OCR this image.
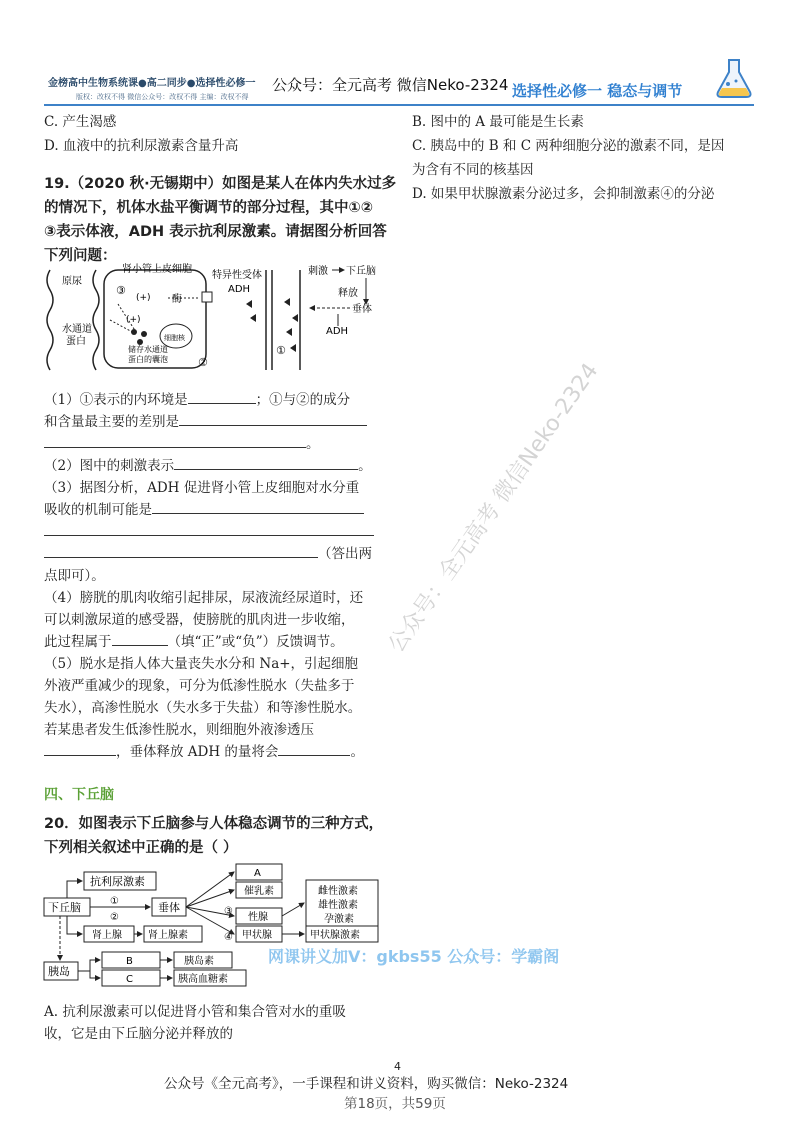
金榜高中生物系统课●高二同步●选择性必修一
版权：改权不得 微信公众号：改权不得 主编：改权不得
公众号：全元高考 微信Neko-2324 选择性必修一 稳态与调节
C. 产生渴感
D. 血液中的抗利尿激素含量升高
B. 图中的 A 最可能是生长素
C. 胰岛中的 B 和 C 两种细胞分泌的激素不同，是因
为含有不同的核基因
D. 如果甲状腺激素分泌过多，会抑制激素④的分泌
19.（2020 秋·无锡期中）如图是某人在体内失水过多
的情况下，机体水盐平衡调节的部分过程，其中①②
③表示体液，ADH 表示抗利尿激素。请据图分析回答
下列问题：
原尿
水通道
蛋白
肾小管上皮细胞
③
(+)
(+)
酶
细胞核
储存水通道
蛋白的囊泡
特异性受体
ADH
②
①
刺激 下丘脑
释放
垂体
ADH
（1）①表示的内环境是	；①与②的成分
和含量最主要的差别是
。
（2）图中的刺激表示	。
（3）据图分析，ADH 促进肾小管上皮细胞对水分重
吸收的机制可能是
（答出两
点即可）。
（4）膀胱的肌肉收缩引起排尿，尿液流经尿道时，还
可以刺激尿道的感受器，使膀胱的肌肉进一步收缩，
此过程属于	（填“正”或“负”）反馈调节。
（5）脱水是指人体大量丧失水分和 Na+，引起细胞
外液严重减少的现象，可分为低渗性脱水（失盐多于
失水），高渗性脱水（失水多于失盐）和等渗性脱水。
若某患者发生低渗性脱水，则细胞外液渗透压
，垂体释放 ADH 的量将会	。
四、下丘脑
20．如图表示下丘脑参与人体稳态调节的三种方式，
下列相关叙述中正确的是（ ）
下丘脑
抗利尿激素
垂体
A
催乳素
性腺
甲状腺
雌性激素
雄性激素
孕激素
甲状腺激素
肾上腺	肾上腺素
胰岛
B
C
胰岛素
胰高血糖素
①
②
③
④
A. 抗利尿激素可以促进肾小管和集合管对水的重吸
收，它是由下丘脑分泌并释放的
公众号：全元高考 微信Neko-2324
网课讲义加V：gkbs55 公众号：学霸阁
4
公众号《全元高考》，一手课程和讲义资料，购买微信：Neko-2324
第18页，共59页
